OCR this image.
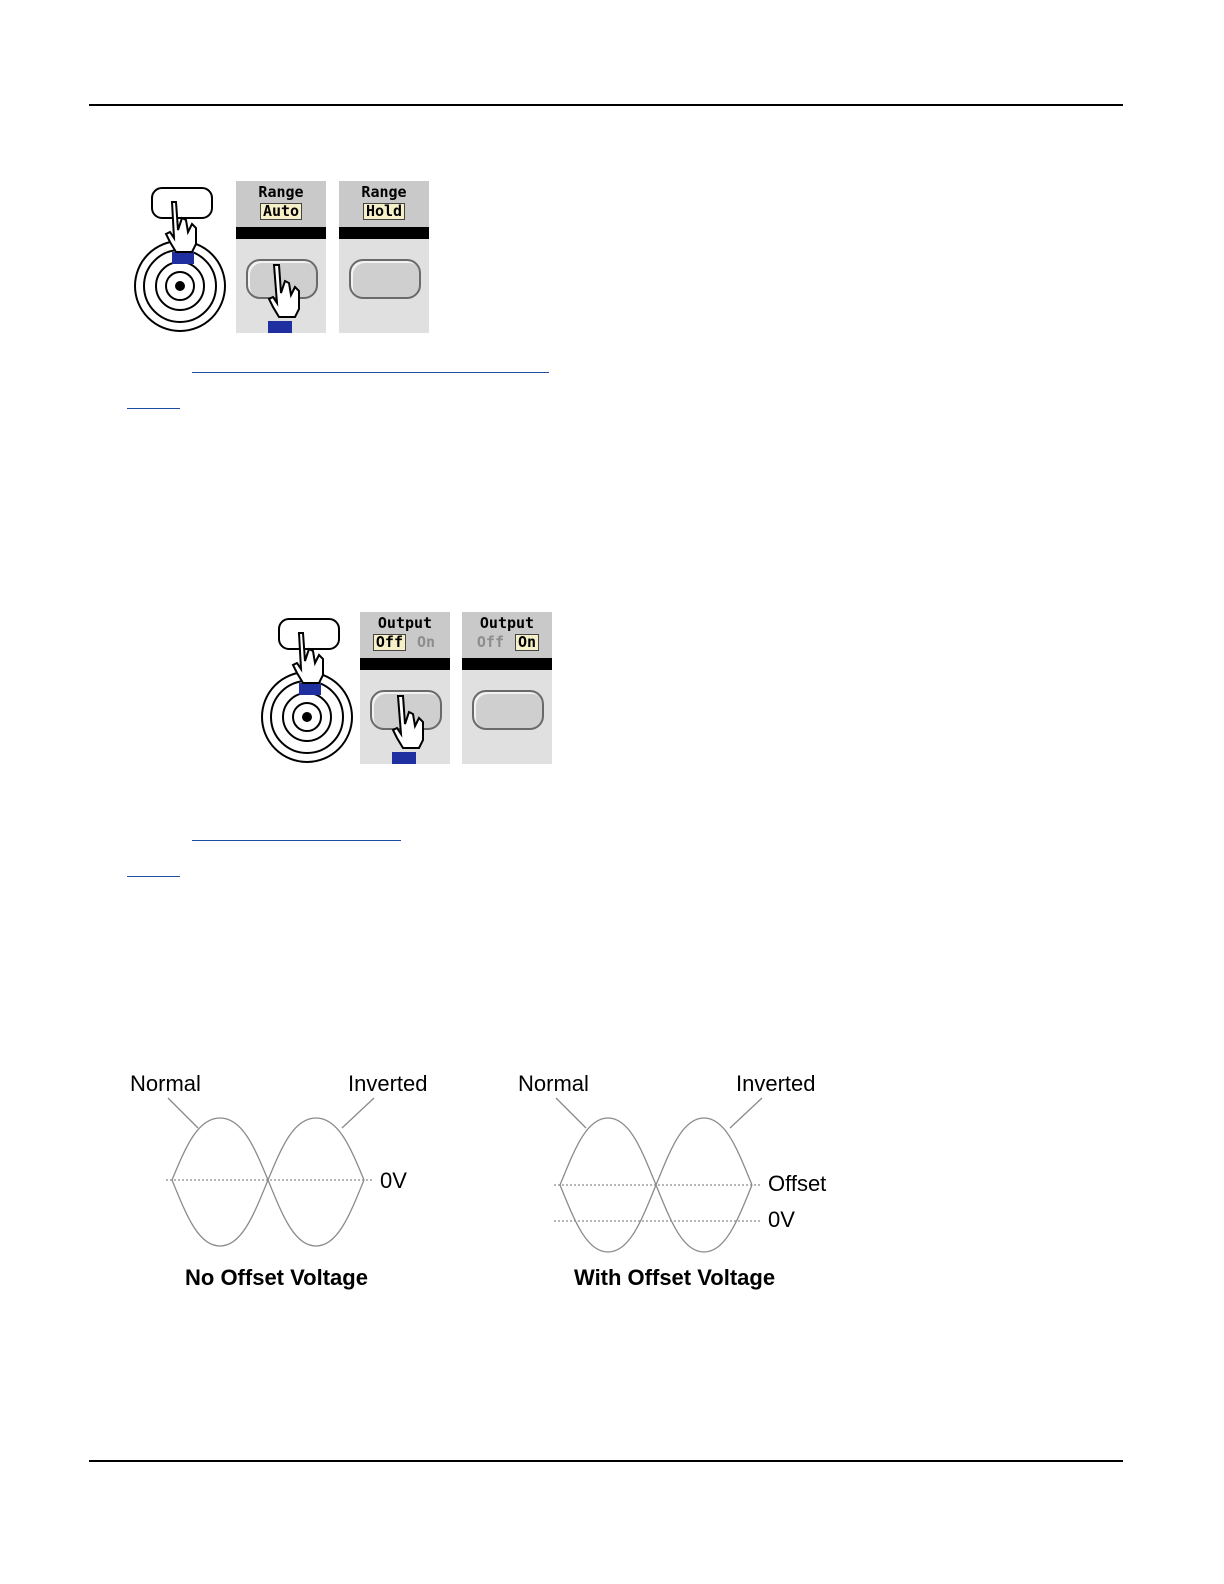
Range
Auto
Range
Hold
Output
Off On
Output
Off On
Normal	Inverted
0V
No Offset Voltage
Normal	Inverted
Offset
0V
With Offset Voltage
